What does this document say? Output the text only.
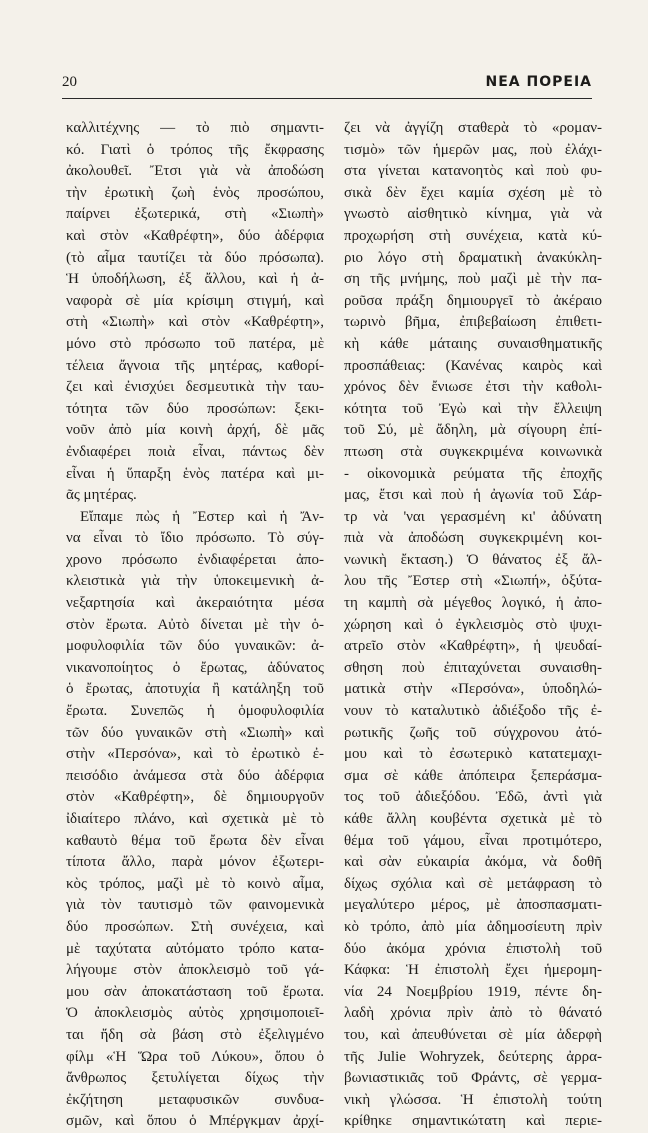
20	ΝΕΑ ΠΟΡΕΙΑ
καλλιτέχνης — τὸ πιὸ σημαντι-
κό. Γιατὶ ὁ τρόπος τῆς ἔκφρασης
ἀκολουθεῖ. Ἔτσι γιὰ νὰ ἀποδώση
τὴν ἐρωτικὴ ζωὴ ἑνὸς προσώπου,
παίρνει ἐξωτερικά, στὴ «Σιωπὴ»
καὶ στὸν «Καθρέφτη», δύο ἀδέρφια
(τὸ αἷμα ταυτίζει τὰ δύο πρόσωπα).
Ἡ ὑποδήλωση, ἐξ ἄλλου, καὶ ἡ ἀ-
ναφορὰ σὲ μία κρίσιμη στιγμή, καὶ
στὴ «Σιωπὴ» καὶ στὸν «Καθρέφτη»,
μόνο στὸ πρόσωπο τοῦ πατέρα, μὲ
τέλεια ἄγνοια τῆς μητέρας, καθορί-
ζει καὶ ἐνισχύει δεσμευτικὰ τὴν ταυ-
τότητα τῶν δύο προσώπων: ξεκι-
νοῦν ἀπὸ μία κοινὴ ἀρχή, δὲ μᾶς
ἐνδιαφέρει ποιὰ εἶναι, πάντως δὲν
εἶναι ἡ ὕπαρξη ἑνὸς πατέρα καὶ μι-
ᾶς μητέρας.
Εἴπαμε πὼς ἡ Ἔστερ καὶ ἡ Ἄν-
να εἶναι τὸ ἴδιο πρόσωπο. Τὸ σύγ-
χρονο πρόσωπο ἐνδιαφέρεται ἀπο-
κλειστικὰ γιὰ τὴν ὑποκειμενικὴ ἀ-
νεξαρτησία καὶ ἀκεραιότητα μέσα
στὸν ἔρωτα. Αὐτὸ δίνεται μὲ τὴν ὁ-
μοφυλοφιλία τῶν δύο γυναικῶν: ἀ-
νικανοποίητος ὁ ἔρωτας, ἀδύνατος
ὁ ἔρωτας, ἀποτυχία ἢ κατάληξη τοῦ
ἔρωτα. Συνεπῶς ἡ ὁμοφυλοφιλία
τῶν δύο γυναικῶν στὴ «Σιωπὴ» καὶ
στὴν «Περσόνα», καὶ τὸ ἐρωτικὸ ἐ-
πεισόδιο ἀνάμεσα στὰ δύο ἀδέρφια
στὸν «Καθρέφτη», δὲ δημιουργοῦν
ἰδιαίτερο πλάνο, καὶ σχετικὰ μὲ τὸ
καθαυτὸ θέμα τοῦ ἔρωτα δὲν εἶναι
τίποτα ἄλλο, παρὰ μόνον ἐξωτερι-
κὸς τρόπος, μαζὶ μὲ τὸ κοινὸ αἷμα,
γιὰ τὸν ταυτισμὸ τῶν φαινομενικὰ
δύο προσώπων. Στὴ συνέχεια, καὶ
μὲ ταχύτατα αὐτόματο τρόπο κατα-
λήγουμε στὸν ἀποκλεισμὸ τοῦ γά-
μου σὰν ἀποκατάσταση τοῦ ἔρωτα.
Ὁ ἀποκλεισμὸς αὐτὸς χρησιμοποιεῖ-
ται ἤδη σὰ βάση στὸ ἐξελιγμένο
φίλμ «Ἡ Ὥρα τοῦ Λύκου», ὅπου ὁ
ἄνθρωπος ξετυλίγεται δίχως τὴν
ἐκζήτηση μεταφυσικῶν συνδυα-
σμῶν, καὶ ὅπου ὁ Μπέργκμαν ἀρχί-
ζει νὰ ἀγγίζη σταθερὰ τὸ «ρομαν-
τισμὸ» τῶν ἡμερῶν μας, ποὺ ἐλάχι-
στα γίνεται κατανοητὸς καὶ ποὺ φυ-
σικὰ δὲν ἔχει καμία σχέση μὲ τὸ
γνωστὸ αἰσθητικὸ κίνημα, γιὰ νὰ
προχωρήση στὴ συνέχεια, κατὰ κύ-
ριο λόγο στὴ δραματικὴ ἀνακύκλη-
ση τῆς μνήμης, ποὺ μαζὶ μὲ τὴν πα-
ροῦσα πράξη δημιουργεῖ τὸ ἀκέραιο
τωρινὸ βῆμα, ἐπιβεβαίωση ἐπιθετι-
κὴ κάθε μάταιης συναισθηματικῆς
προσπάθειας: (Κανένας καιρὸς καὶ
χρόνος δὲν ἔνιωσε ἐτσι τὴν καθολι-
κότητα τοῦ Ἐγὼ καὶ τὴν ἔλλειψη
τοῦ Σύ, μὲ ἄδηλη, μὰ σίγουρη ἐπί-
πτωση στὰ συγκεκριμένα κοινωνικὰ
- οἰκονομικὰ ρεύματα τῆς ἐποχῆς
μας, ἔτσι καὶ ποὺ ἡ ἀγωνία τοῦ Σάρ-
τρ νὰ 'ναι γερασμένη κι' ἀδύνατη
πιὰ νὰ ἀποδώση συγκεκριμένη κοι-
νωνικὴ ἔκταση.) Ὁ θάνατος ἐξ ἄλ-
λου τῆς Ἔστερ στὴ «Σιωπή», ὀξύτα-
τη καμπὴ σὰ μέγεθος λογικό, ἡ ἀπο-
χώρηση καὶ ὁ ἐγκλεισμὸς στὸ ψυχι-
ατρεῖο στὸν «Καθρέφτη», ἡ ψευδαί-
σθηση ποὺ ἐπιταχύνεται συναισθη-
ματικὰ στὴν «Περσόνα», ὑποδηλώ-
νουν τὸ καταλυτικὸ ἀδιέξοδο τῆς ἐ-
ρωτικῆς ζωῆς τοῦ σύγχρονου ἀτό-
μου καὶ τὸ ἐσωτερικὸ κατατεμαχι-
σμα σὲ κάθε ἀπόπειρα ξεπεράσμα-
τος τοῦ ἀδιεξόδου. Ἐδῶ, ἀντὶ γιὰ
κάθε ἄλλη κουβέντα σχετικὰ μὲ τὸ
θέμα τοῦ γάμου, εἶναι προτιμότερο,
καὶ σὰν εὐκαιρία ἀκόμα, νὰ δοθῆ
δίχως σχόλια καὶ σὲ μετάφραση τὸ
μεγαλύτερο μέρος, μὲ ἀποσπασματι-
κὸ τρόπο, ἀπὸ μία ἀδημοσίευτη πρὶν
δύο ἀκόμα χρόνια ἐπιστολὴ τοῦ
Κάφκα: Ἡ ἐπιστολὴ ἔχει ἡμερομη-
νία 24 Νοεμβρίου 1919, πέντε δη-
λαδὴ χρόνια πρὶν ἀπὸ τὸ θάνατό
του, καὶ ἀπευθύνεται σὲ μία ἀδερφὴ
τῆς Julie Wohryzek, δεύτερης ἀρρα-
βωνιαστικιᾶς τοῦ Φράντς, σὲ γερμα-
νικὴ γλώσσα. Ἡ ἐπιστολὴ τούτη
κρίθηκε σημαντικώτατη καὶ περιε-
